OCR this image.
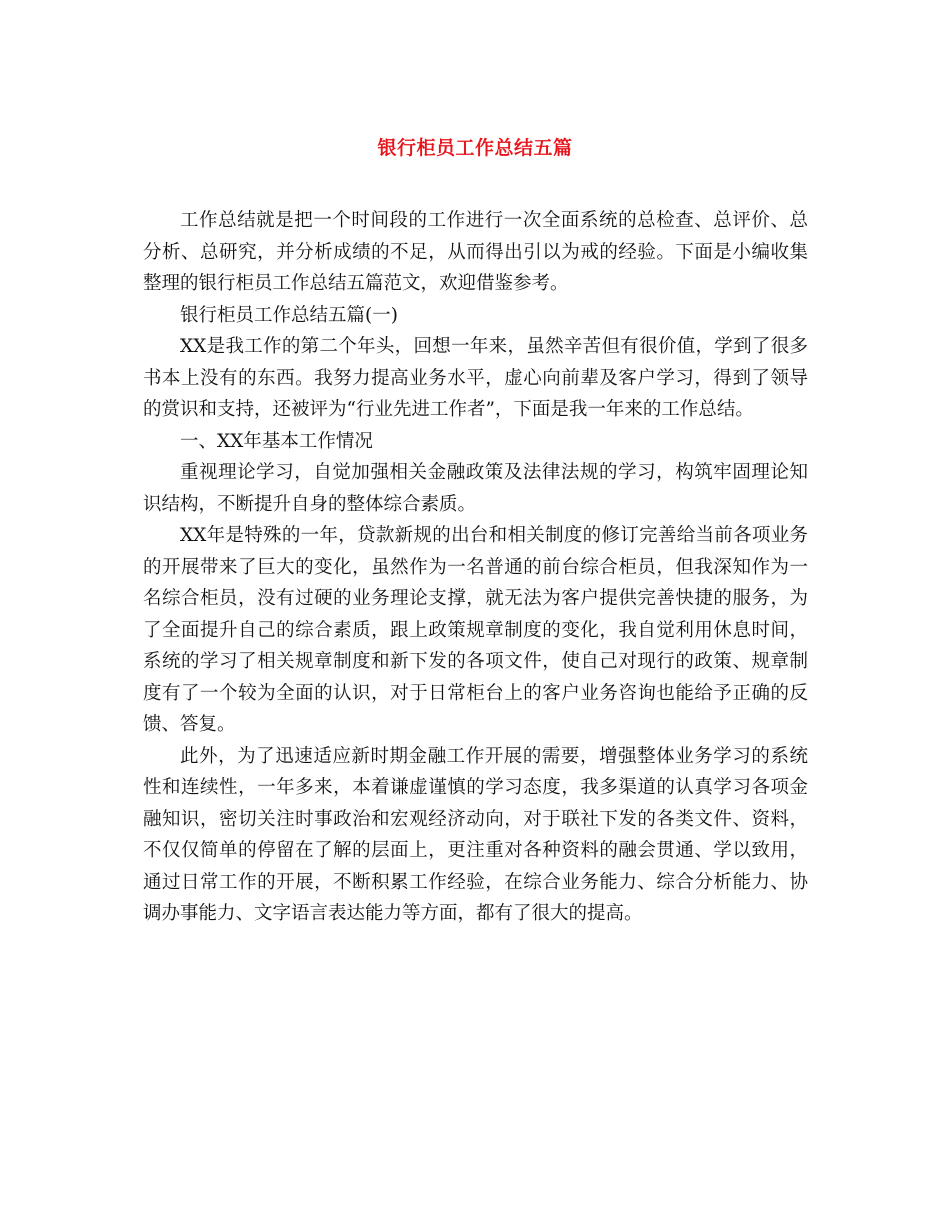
银行柜员工作总结五篇

工作总结就是把一个时间段的工作进行一次全面系统的总检查、总评价、总分析、总研究，并分析成绩的不足，从而得出引以为戒的经验。下面是小编收集整理的银行柜员工作总结五篇范文，欢迎借鉴参考。

银行柜员工作总结五篇(一)

XX是我工作的第二个年头，回想一年来，虽然辛苦但有很价值，学到了很多书本上没有的东西。我努力提高业务水平，虚心向前辈及客户学习，得到了领导的赏识和支持，还被评为“行业先进工作者”，下面是我一年来的工作总结。

一、XX年基本工作情况

重视理论学习，自觉加强相关金融政策及法律法规的学习，构筑牢固理论知识结构，不断提升自身的整体综合素质。

XX年是特殊的一年，贷款新规的出台和相关制度的修订完善给当前各项业务的开展带来了巨大的变化，虽然作为一名普通的前台综合柜员，但我深知作为一名综合柜员，没有过硬的业务理论支撑，就无法为客户提供完善快捷的服务，为了全面提升自己的综合素质，跟上政策规章制度的变化，我自觉利用休息时间，系统的学习了相关规章制度和新下发的各项文件，使自己对现行的政策、规章制度有了一个较为全面的认识，对于日常柜台上的客户业务咨询也能给予正确的反馈、答复。

此外，为了迅速适应新时期金融工作开展的需要，增强整体业务学习的系统性和连续性，一年多来，本着谦虚谨慎的学习态度，我多渠道的认真学习各项金融知识，密切关注时事政治和宏观经济动向，对于联社下发的各类文件、资料，不仅仅简单的停留在了解的层面上，更注重对各种资料的融会贯通、学以致用，通过日常工作的开展，不断积累工作经验，在综合业务能力、综合分析能力、协调办事能力、文字语言表达能力等方面，都有了很大的提高。
